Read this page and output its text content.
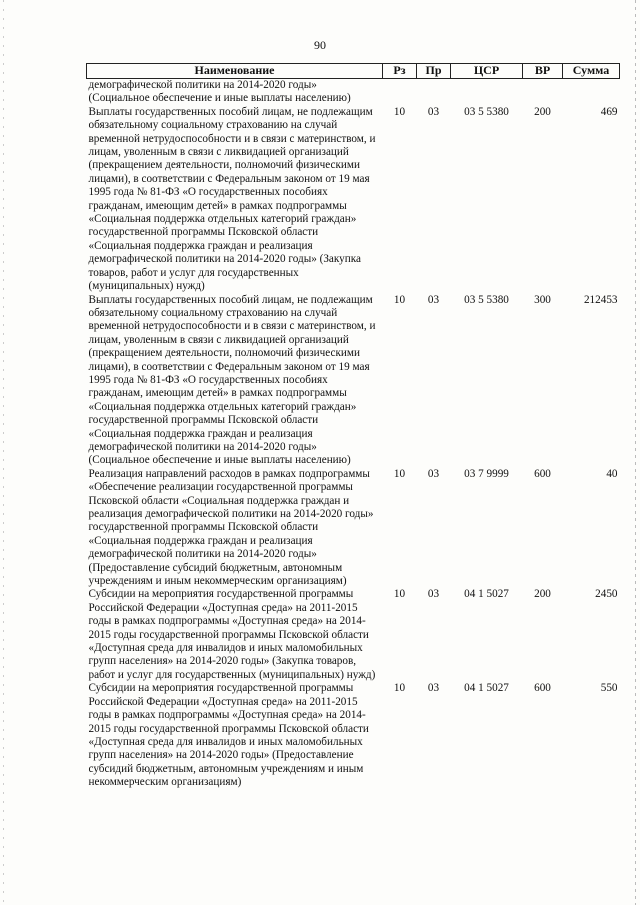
90
Наименование	Рз	Пр	ЦСР	ВР	Сумма
демографической политики на 2014-2020 годы» (Социальное обеспечение и иные выплаты населению)					
Выплаты государственных пособий лицам, не подлежащим обязательному социальному страхованию на случай временной нетрудоспособности и в связи с материнством, и лицам, уволенным в связи с ликвидацией организаций (прекращением деятельности, полномочий физическими лицами), в соответствии с Федеральным законом от 19 мая 1995 года № 81-ФЗ «О государственных пособиях гражданам, имеющим детей» в рамках подпрограммы «Социальная поддержка отдельных категорий граждан» государственной программы Псковской области «Социальная поддержка граждан и реализация демографической политики на 2014-2020 годы» (Закупка товаров, работ и услуг для государственных (муниципальных) нужд)	10	03	03 5 5380	200	469
Выплаты государственных пособий лицам, не подлежащим обязательному социальному страхованию на случай временной нетрудоспособности и в связи с материнством, и лицам, уволенным в связи с ликвидацией организаций (прекращением деятельности, полномочий физическими лицами), в соответствии с Федеральным законом от 19 мая 1995 года № 81-ФЗ «О государственных пособиях гражданам, имеющим детей» в рамках подпрограммы «Социальная поддержка отдельных категорий граждан» государственной программы Псковской области «Социальная поддержка граждан и реализация демографической политики на 2014-2020 годы» (Социальное обеспечение и иные выплаты населению)	10	03	03 5 5380	300	212453
Реализация направлений расходов в рамках подпрограммы «Обеспечение реализации государственной программы Псковской области «Социальная поддержка граждан и реализация демографической политики на 2014-2020 годы» государственной программы Псковской области «Социальная поддержка граждан и реализация демографической политики на 2014-2020 годы» (Предоставление субсидий бюджетным, автономным учреждениям и иным некоммерческим организациям)	10	03	03 7 9999	600	40
Субсидии на мероприятия государственной программы Российской Федерации «Доступная среда» на 2011-2015 годы в рамках подпрограммы «Доступная среда» на 2014-2015 годы государственной программы Псковской области «Доступная среда для инвалидов и иных маломобильных групп населения» на 2014-2020 годы» (Закупка товаров, работ и услуг для государственных (муниципальных) нужд)	10	03	04 1 5027	200	2450
Субсидии на мероприятия государственной программы Российской Федерации «Доступная среда» на 2011-2015 годы в рамках подпрограммы «Доступная среда» на 2014-2015 годы государственной программы Псковской области «Доступная среда для инвалидов и иных маломобильных групп населения» на 2014-2020 годы» (Предоставление субсидий бюджетным, автономным учреждениям и иным некоммерческим организациям)	10	03	04 1 5027	600	550
